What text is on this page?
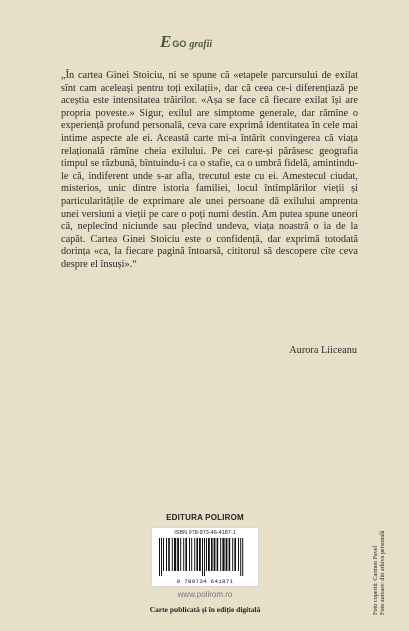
E GO grafii

„În cartea Ginei Stoiciu, ni se spune că «etapele parcursului de exilat sînt cam aceleași pentru toți exilații», dar că ceea ce-i diferențiază pe aceștia este intensitatea trăirilor. «Așa se face că fiecare exilat își are propria poveste.» Sigur, exilul are simptome generale, dar rămîne o experiență profund personală, ceva care exprimă identitatea în cele mai intime aspecte ale ei. Această carte mi-a întărit convingerea că viața relațională rămîne cheia exilului. Pe cei care-și părăsesc geografia timpul se răzbună, bîntuindu-i ca o stafie, ca o umbră fidelă, amintindu-le că, indiferent unde s-ar afla, trecutul este cu ei. Amestecul ciudat, misterios, unic dintre istoria familiei, locul întîmplărilor vieții și particularitățile de exprimare ale unei persoane dă exilului amprenta unei versiuni a vieții pe care o poți numi destin. Am putea spune uneori că, neplecînd niciunde sau plecînd undeva, viața noastră o ia de la capăt. Cartea Ginei Stoiciu este o confidență, dar exprimă totodată dorința «ca, la fiecare pagină întoarsă, cititorul să descopere cîte ceva despre el însuși».“

Aurora Liiceanu
EDITURA POLIROM
ISBN 978-973-46-4187-1
9 789734 641871
www.polirom.ro
Carte publicată și în ediție digitală	Foto copertă: Carmen Pavel Foto autoare: din arhiva personală
